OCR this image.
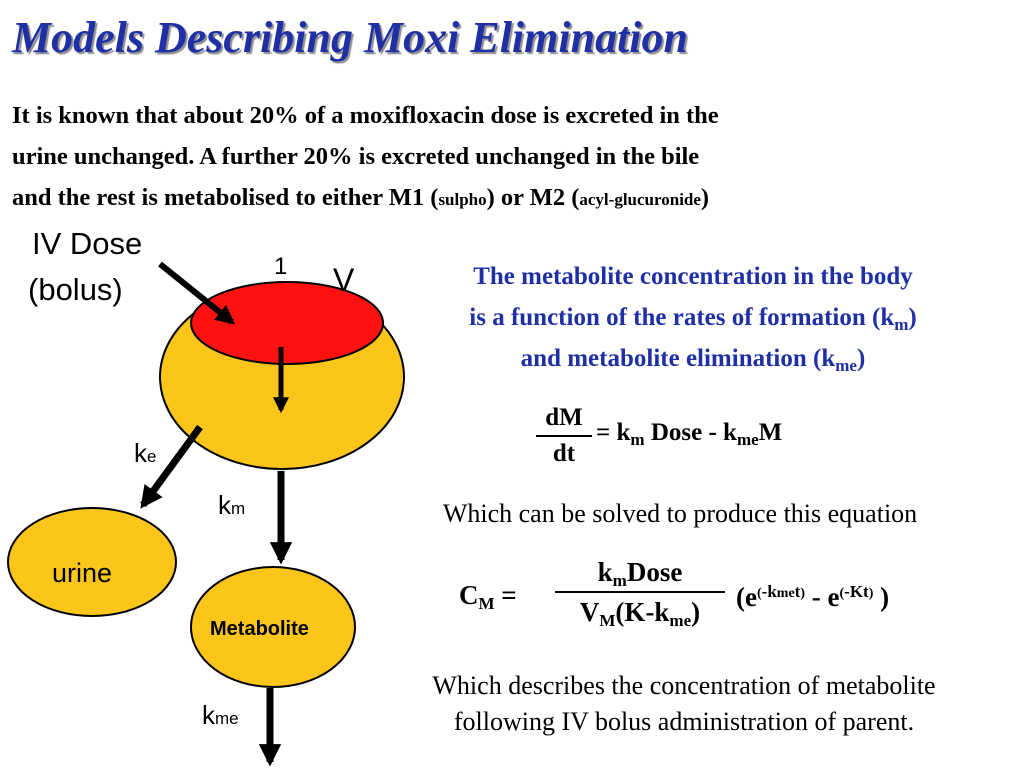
Models Describing Moxi Elimination

It is known that about 20% of a moxifloxacin dose is excreted in the
urine unchanged. A further 20% is excreted unchanged in the bile
and the rest is metabolised to either M1 (sulpho) or M2 (acyl-glucuronide)

IV Dose
(bolus)
1 V
ke
km
urine
Metabolite
kme

The metabolite concentration in the body
is a function of the rates of formation $(k_m)$
and metabolite elimination $(k_{me})$

dM
dt
= $k_m$ Dose - $k_{me}M$

Which can be solved to produce this equation

$C_M$ =
$k_mDose$
$V_M(K-k_{me})$	($e^{(-kmet)} - e^{(-Kt)}$ )

Which describes the concentration of metabolite
following IV bolus administration of parent.
